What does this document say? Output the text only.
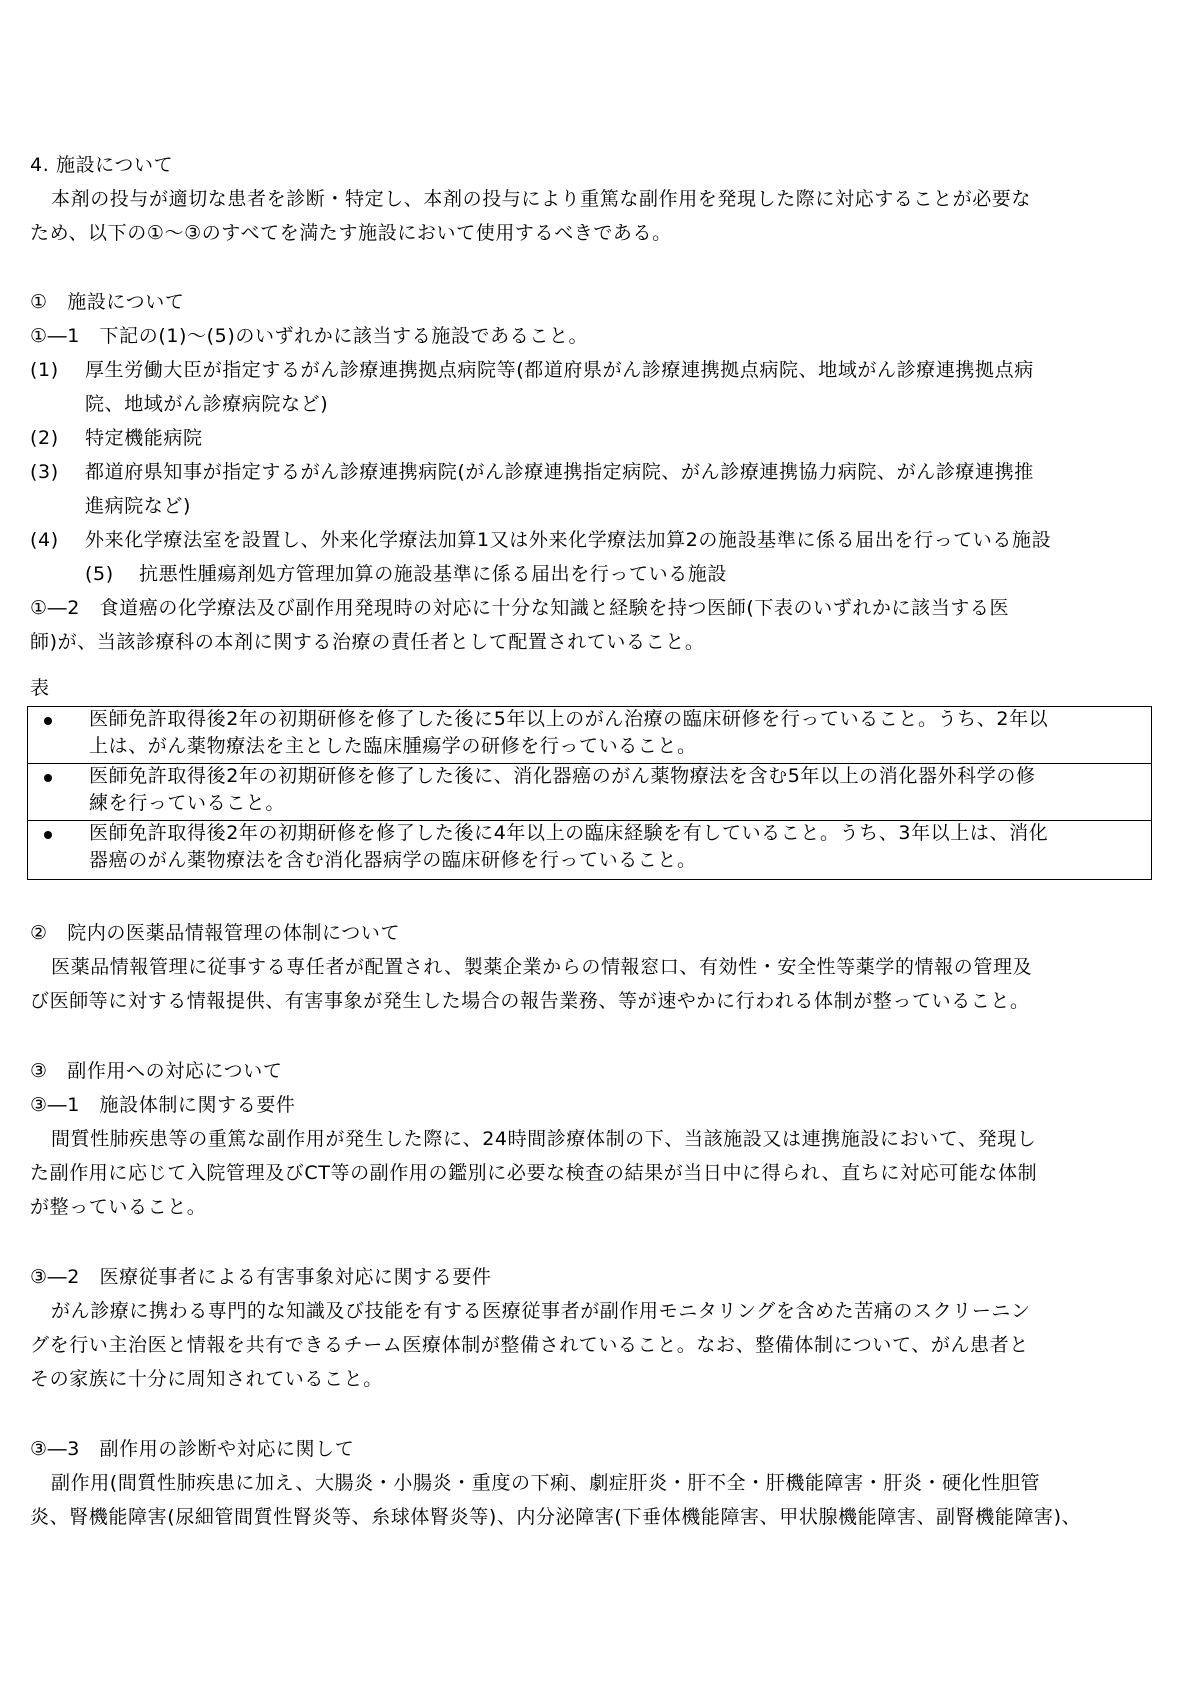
4. 施設について
本剤の投与が適切な患者を診断・特定し、本剤の投与により重篤な副作用を発現した際に対応することが必要な
ため、以下の①～③のすべてを満たす施設において使用するべきである。
①　施設について
①―1　下記の(1)～(5)のいずれかに該当する施設であること。
(1) 厚生労働大臣が指定するがん診療連携拠点病院等(都道府県がん診療連携拠点病院、地域がん診療連携拠点病
院、地域がん診療病院など)
(2) 特定機能病院
(3) 都道府県知事が指定するがん診療連携病院(がん診療連携指定病院、がん診療連携協力病院、がん診療連携推
進病院など)
(4) 外来化学療法室を設置し、外来化学療法加算1又は外来化学療法加算2の施設基準に係る届出を行っている施設
(5) 抗悪性腫瘍剤処方管理加算の施設基準に係る届出を行っている施設
①―2　食道癌の化学療法及び副作用発現時の対応に十分な知識と経験を持つ医師(下表のいずれかに該当する医
師)が、当該診療科の本剤に関する治療の責任者として配置されていること。
表
医師免許取得後2年の初期研修を修了した後に5年以上のがん治療の臨床研修を行っていること。うち、2年以
上は、がん薬物療法を主とした臨床腫瘍学の研修を行っていること。
医師免許取得後2年の初期研修を修了した後に、消化器癌のがん薬物療法を含む5年以上の消化器外科学の修
練を行っていること。
医師免許取得後2年の初期研修を修了した後に4年以上の臨床経験を有していること。うち、3年以上は、消化
器癌のがん薬物療法を含む消化器病学の臨床研修を行っていること。
②　院内の医薬品情報管理の体制について
医薬品情報管理に従事する専任者が配置され、製薬企業からの情報窓口、有効性・安全性等薬学的情報の管理及
び医師等に対する情報提供、有害事象が発生した場合の報告業務、等が速やかに行われる体制が整っていること。
③　副作用への対応について
③―1　施設体制に関する要件
間質性肺疾患等の重篤な副作用が発生した際に、24時間診療体制の下、当該施設又は連携施設において、発現し
た副作用に応じて入院管理及びCT等の副作用の鑑別に必要な検査の結果が当日中に得られ、直ちに対応可能な体制
が整っていること。
③―2　医療従事者による有害事象対応に関する要件
がん診療に携わる専門的な知識及び技能を有する医療従事者が副作用モニタリングを含めた苦痛のスクリーニン
グを行い主治医と情報を共有できるチーム医療体制が整備されていること。なお、整備体制について、がん患者と
その家族に十分に周知されていること。
③―3　副作用の診断や対応に関して
副作用(間質性肺疾患に加え、大腸炎・小腸炎・重度の下痢、劇症肝炎・肝不全・肝機能障害・肝炎・硬化性胆管
炎、腎機能障害(尿細管間質性腎炎等、糸球体腎炎等)、内分泌障害(下垂体機能障害、甲状腺機能障害、副腎機能障害)、
